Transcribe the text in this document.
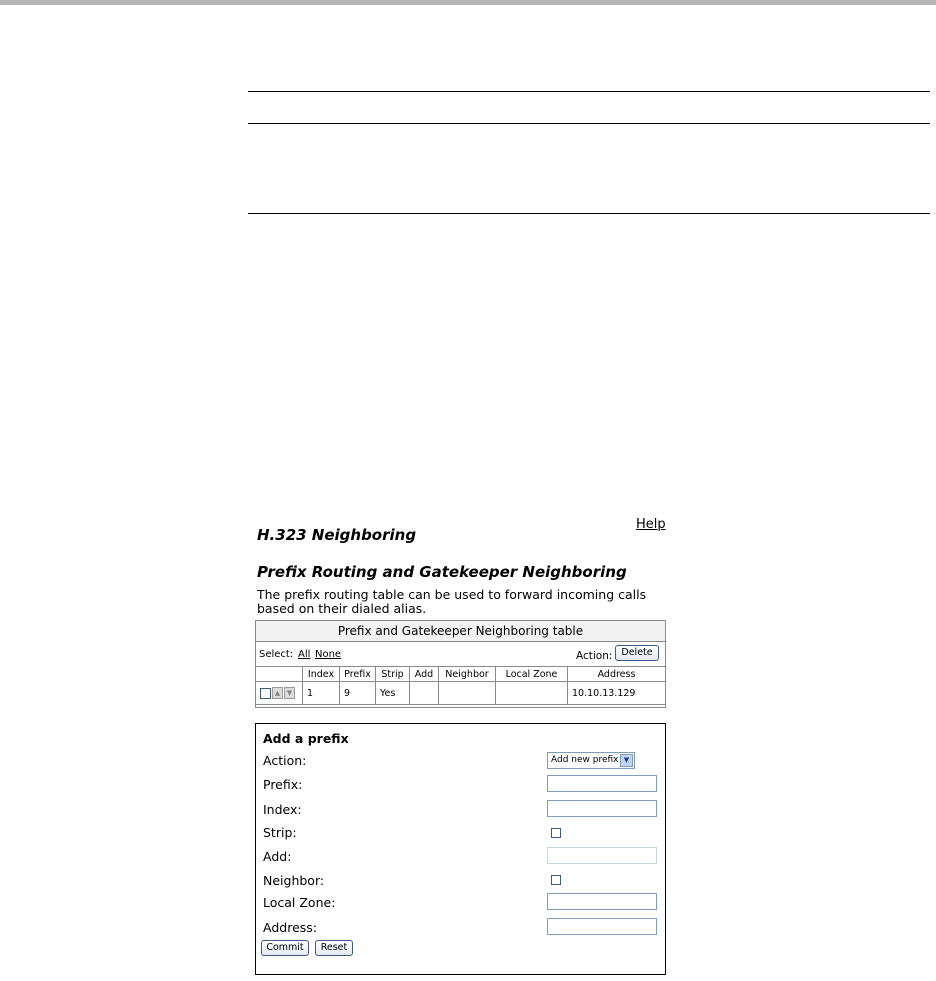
Help
H.323 Neighboring
Prefix Routing and Gatekeeper Neighboring
The prefix routing table can be used to forward incoming calls based on their dialed alias.
Prefix and Gatekeeper Neighboring table
Select: All None	Action: Delete
	Index	Prefix	Strip	Add	Neighbor	Local Zone	Address

▲ ▼	1	9	Yes				10.10.13.129
Add a prefix
Action:	Add new prefix ▼
Prefix:
Index:
Strip:
Add:
Neighbor:
Local Zone:
Address:
Commit	Reset
